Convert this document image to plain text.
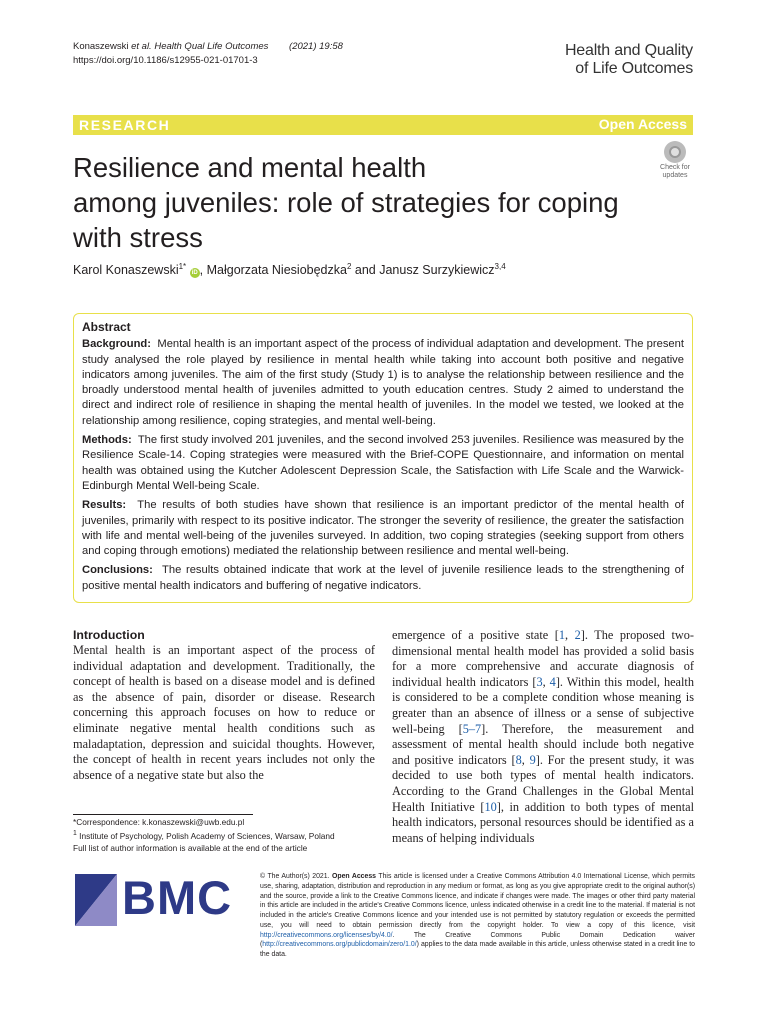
Konaszewski et al. Health Qual Life Outcomes (2021) 19:58
https://doi.org/10.1186/s12955-021-01701-3
Health and Quality
of Life Outcomes
RESEARCH	Open Access
Resilience and mental health
among juveniles: role of strategies for coping
with stress
Check for
updates
Karol Konaszewski$^{1*}$ iD , Małgorzata Niesiobędzka$^2$ and Janusz Surzykiewicz$^{3,4}$
Abstract

Background: Mental health is an important aspect of the process of individual adaptation and development. The present study analysed the role played by resilience in mental health while taking into account both positive and negative indicators among juveniles. The aim of the first study (Study 1) is to analyse the relationship between resilience and the broadly understood mental health of juveniles admitted to youth education centres. Study 2 aimed to understand the direct and indirect role of resilience in shaping the mental health of juveniles. In the model we tested, we looked at the relationship among resilience, coping strategies, and mental well-being.

Methods: The first study involved 201 juveniles, and the second involved 253 juveniles. Resilience was measured by the Resilience Scale-14. Coping strategies were measured with the Brief-COPE Questionnaire, and information on mental health was obtained using the Kutcher Adolescent Depression Scale, the Satisfaction with Life Scale and the Warwick-Edinburgh Mental Well-being Scale.

Results: The results of both studies have shown that resilience is an important predictor of the mental health of juveniles, primarily with respect to its positive indicator. The stronger the severity of resilience, the greater the satisfaction with life and mental well-being of the juveniles surveyed. In addition, two coping strategies (seeking support from others and coping through emotions) mediated the relationship between resilience and mental well-being.

Conclusions: The results obtained indicate that work at the level of juvenile resilience leads to the strengthening of positive mental health indicators and buffering of negative indicators.

Introduction
Mental health is an important aspect of the process of individual adaptation and development. Traditionally, the concept of health is based on a disease model and is defined as the absence of pain, disorder or disease. Research concerning this approach focuses on how to reduce or eliminate negative mental health conditions such as maladaptation, depression and suicidal thoughts. However, the concept of health in recent years includes not only the absence of a negative state but also the
emergence of a positive state [1, 2]. The proposed two-dimensional mental health model has provided a solid basis for a more comprehensive and accurate diagnosis of individual health indicators [3, 4]. Within this model, health is considered to be a complete condition whose meaning is greater than an absence of illness or a sense of subjective well-being [5–7]. Therefore, the measurement and assessment of mental health should include both negative and positive indicators [8, 9]. For the present study, it was decided to use both types of mental health indicators. According to the Grand Challenges in the Global Mental Health Initiative [10], in addition to both types of mental health indicators, personal resources should be identified as a means of helping individuals
*Correspondence: k.konaszewski@uwb.edu.pl
$^1$ Institute of Psychology, Polish Academy of Sciences, Warsaw, Poland
Full list of author information is available at the end of the article
BMC	© The Author(s) 2021. Open Access This article is licensed under a Creative Commons Attribution 4.0 International License, which permits use, sharing, adaptation, distribution and reproduction in any medium or format, as long as you give appropriate credit to the original author(s) and the source, provide a link to the Creative Commons licence, and indicate if changes were made. The images or other third party material in this article are included in the article's Creative Commons licence, unless indicated otherwise in a credit line to the material. If material is not included in the article's Creative Commons licence and your intended use is not permitted by statutory regulation or exceeds the permitted use, you will need to obtain permission directly from the copyright holder. To view a copy of this licence, visit http://creativecommons.org/licenses/by/4.0/. The Creative Commons Public Domain Dedication waiver (http://creativecommons.org/publicdomain/zero/1.0/) applies to the data made available in this article, unless otherwise stated in a credit line to the data.
